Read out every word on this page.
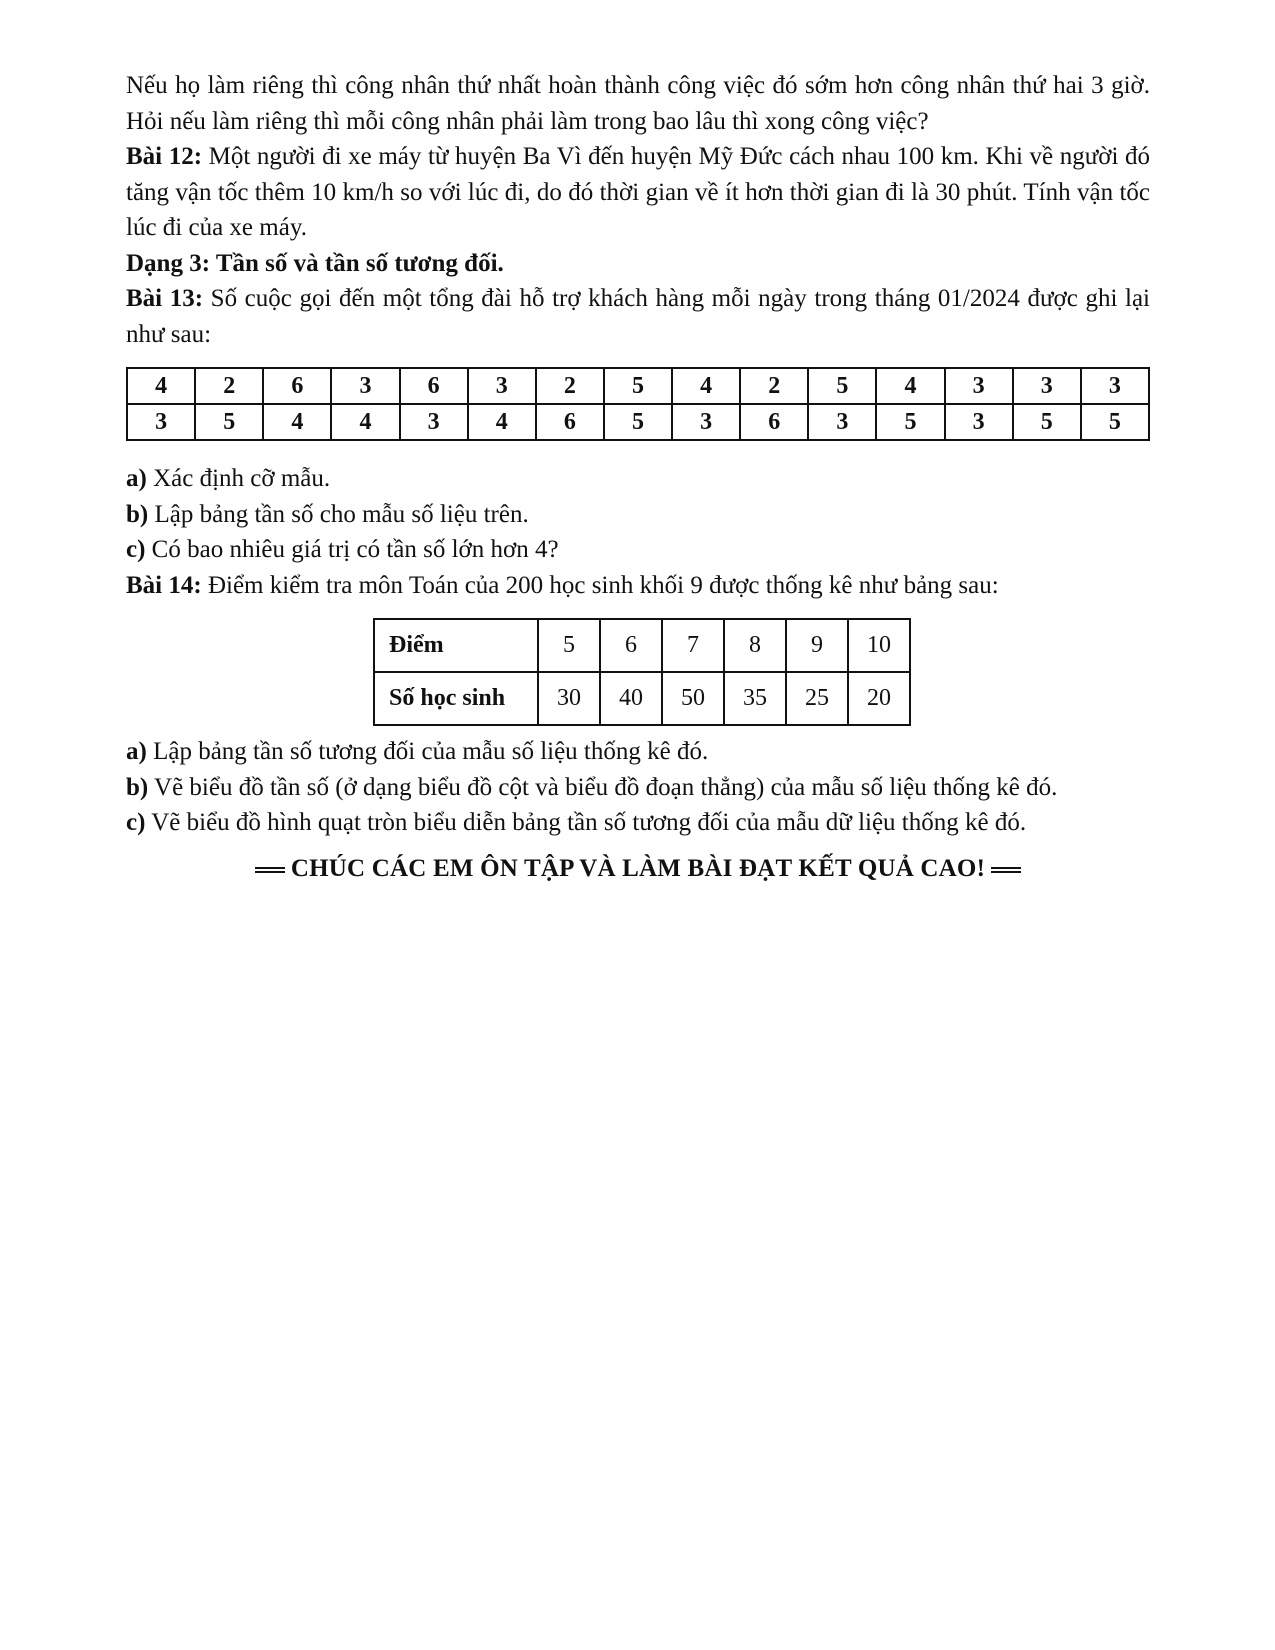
Nếu họ làm riêng thì công nhân thứ nhất hoàn thành công việc đó sớm hơn công nhân thứ hai 3 giờ. Hỏi nếu làm riêng thì mỗi công nhân phải làm trong bao lâu thì xong công việc?

Bài 12: Một người đi xe máy từ huyện Ba Vì đến huyện Mỹ Đức cách nhau 100 km. Khi về người đó tăng vận tốc thêm 10 km/h so với lúc đi, do đó thời gian về ít hơn thời gian đi là 30 phút. Tính vận tốc lúc đi của xe máy.

Dạng 3: Tần số và tần số tương đối.

Bài 13: Số cuộc gọi đến một tổng đài hỗ trợ khách hàng mỗi ngày trong tháng 01/2024 được ghi lại như sau:

4	2	6	3	6	3	2	5	4	2	5	4	3	3	3
3	5	4	4	3	4	6	5	3	6	3	5	3	5	5

a) Xác định cỡ mẫu.

b) Lập bảng tần số cho mẫu số liệu trên.

c) Có bao nhiêu giá trị có tần số lớn hơn 4?

Bài 14: Điểm kiểm tra môn Toán của 200 học sinh khối 9 được thống kê như bảng sau:

Điểm	5	6	7	8	9	10
Số học sinh	30	40	50	35	25	20

a) Lập bảng tần số tương đối của mẫu số liệu thống kê đó.

b) Vẽ biểu đồ tần số (ở dạng biểu đồ cột và biểu đồ đoạn thẳng) của mẫu số liệu thống kê đó.

c) Vẽ biểu đồ hình quạt tròn biểu diễn bảng tần số tương đối của mẫu dữ liệu thống kê đó.

CHÚC CÁC EM ÔN TẬP VÀ LÀM BÀI ĐẠT KẾT QUẢ CAO!
